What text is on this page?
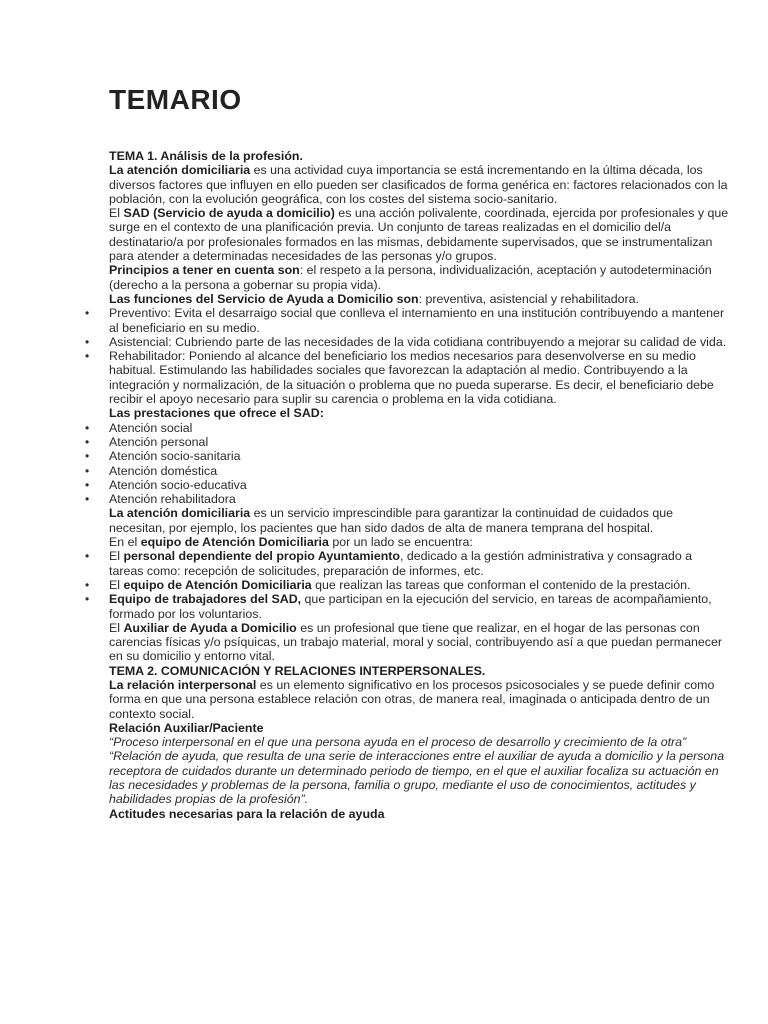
TEMARIO
TEMA 1. Análisis de la profesión.
La atención domiciliaria es una actividad cuya importancia se está incrementando en la última década, los diversos factores que influyen en ello pueden ser clasificados de forma genérica en: factores relacionados con la población, con la evolución geográfica, con los costes del sistema socio-sanitario.
El SAD (Servicio de ayuda a domicilio) es una acción polivalente, coordinada, ejercida por profesionales y que surge en el contexto de una planificación previa. Un conjunto de tareas realizadas en el domicilio del/a destinatario/a por profesionales formados en las mismas, debidamente supervisados, que se instrumentalizan para atender a determinadas necesidades de las personas y/o grupos.
Principios a tener en cuenta son: el respeto a la persona, individualización, aceptación y autodeterminación (derecho a la persona a gobernar su propia vida).
Las funciones del Servicio de Ayuda a Domicilio son: preventiva, asistencial y rehabilitadora.
• Preventivo: Evita el desarraigo social que conlleva el internamiento en una institución contribuyendo a mantener al beneficiario en su medio.
• Asistencial: Cubriendo parte de las necesidades de la vida cotidiana contribuyendo a mejorar su calidad de vida.
• Rehabilitador: Poniendo al alcance del beneficiario los medios necesarios para desenvolverse en su medio habitual. Estimulando las habilidades sociales que favorezcan la adaptación al medio. Contribuyendo a la integración y normalización, de la situación o problema que no pueda superarse. Es decir, el beneficiario debe recibir el apoyo necesario para suplir su carencia o problema en la vida cotidiana.
Las prestaciones que ofrece el SAD:
• Atención social
• Atención personal
• Atención socio-sanitaria
• Atención doméstica
• Atención socio-educativa
• Atención rehabilitadora
La atención domiciliaria es un servicio imprescindible para garantizar la continuidad de cuidados que necesitan, por ejemplo, los pacientes que han sido dados de alta de manera temprana del hospital.
En el equipo de Atención Domiciliaria por un lado se encuentra:
• El personal dependiente del propio Ayuntamiento, dedicado a la gestión administrativa y consagrado a tareas como: recepción de solicitudes, preparación de informes, etc.
• El equipo de Atención Domiciliaria que realizan las tareas que conforman el contenido de la prestación.
• Equipo de trabajadores del SAD, que participan en la ejecución del servicio, en tareas de acompañamiento, formado por los voluntarios.
El Auxiliar de Ayuda a Domicilio es un profesional que tiene que realizar, en el hogar de las personas con carencias físicas y/o psíquicas, un trabajo material, moral y social, contribuyendo así a que puedan permanecer en su domicilio y entorno vital.
TEMA 2. COMUNICACIÓN Y RELACIONES INTERPERSONALES.
La relación interpersonal es un elemento significativo en los procesos psicosociales y se puede definir como forma en que una persona establece relación con otras, de manera real, imaginada o anticipada dentro de un contexto social.
Relación Auxiliar/Paciente
“Proceso interpersonal en el que una persona ayuda en el proceso de desarrollo y crecimiento de la otra”
“Relación de ayuda, que resulta de una serie de interacciones entre el auxiliar de ayuda a domicilio y la persona receptora de cuidados durante un determinado periodo de tiempo, en el que el auxiliar focaliza su actuación en las necesidades y problemas de la persona, familia o grupo, mediante el uso de conocimientos, actitudes y habilidades propias de la profesión”.
Actitudes necesarias para la relación de ayuda
